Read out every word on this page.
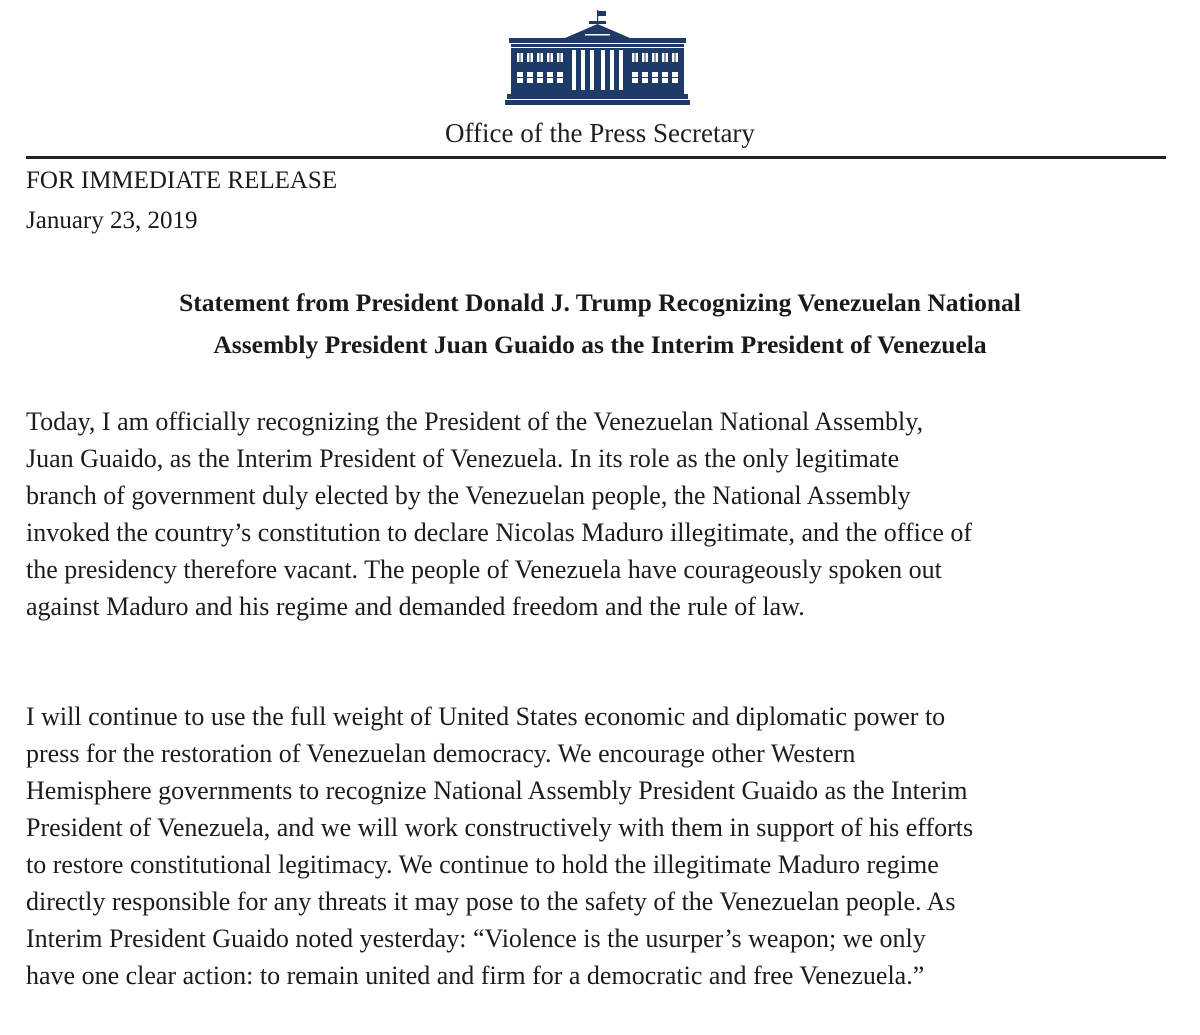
Office of the Press Secretary
FOR IMMEDIATE RELEASE
January 23, 2019
Statement from President Donald J. Trump Recognizing Venezuelan National
Assembly President Juan Guaido as the Interim President of Venezuela
Today, I am officially recognizing the President of the Venezuelan National Assembly,
Juan Guaido, as the Interim President of Venezuela. In its role as the only legitimate
branch of government duly elected by the Venezuelan people, the National Assembly
invoked the country’s constitution to declare Nicolas Maduro illegitimate, and the office of
the presidency therefore vacant. The people of Venezuela have courageously spoken out
against Maduro and his regime and demanded freedom and the rule of law.
I will continue to use the full weight of United States economic and diplomatic power to
press for the restoration of Venezuelan democracy. We encourage other Western
Hemisphere governments to recognize National Assembly President Guaido as the Interim
President of Venezuela, and we will work constructively with them in support of his efforts
to restore constitutional legitimacy. We continue to hold the illegitimate Maduro regime
directly responsible for any threats it may pose to the safety of the Venezuelan people. As
Interim President Guaido noted yesterday: “Violence is the usurper’s weapon; we only
have one clear action: to remain united and firm for a democratic and free Venezuela.”
